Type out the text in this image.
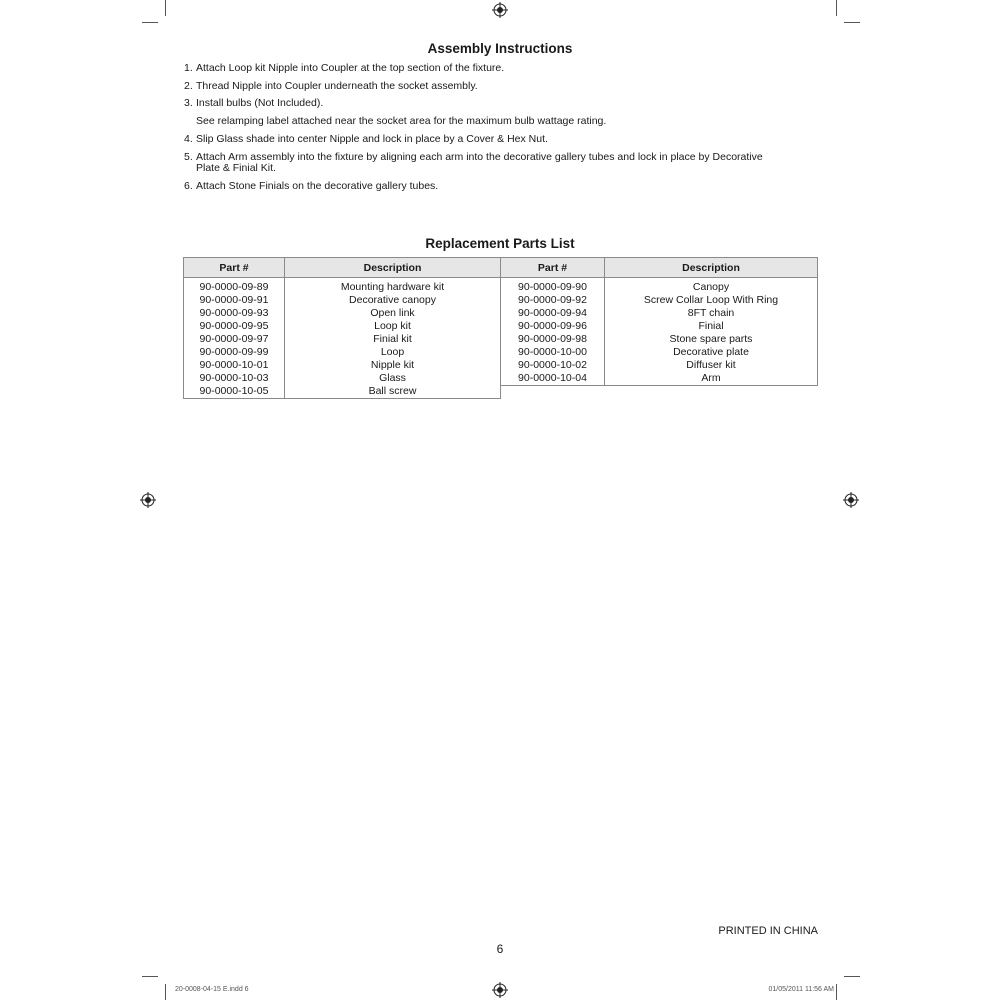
Assembly Instructions
1. Attach Loop kit Nipple into Coupler at the top section of the fixture.
2. Thread Nipple into Coupler underneath the socket assembly.
3. Install bulbs (Not Included).
See relamping label attached near the socket area for the maximum bulb wattage rating.
4. Slip Glass shade into center Nipple and lock in place by a Cover & Hex Nut.
5. Attach Arm assembly into the fixture by aligning each arm into the decorative gallery tubes and lock in place by Decorative
Plate & Finial Kit.
6. Attach Stone Finials on the decorative gallery tubes.
Replacement Parts List
Part #	Description
90-0000-09-89	Mounting hardware kit
90-0000-09-91	Decorative canopy
90-0000-09-93	Open link
90-0000-09-95	Loop kit
90-0000-09-97	Finial kit
90-0000-09-99	Loop
90-0000-10-01	Nipple kit
90-0000-10-03	Glass
90-0000-10-05	Ball screw
Part #	Description
90-0000-09-90	Canopy
90-0000-09-92	Screw Collar Loop With Ring
90-0000-09-94	8FT chain
90-0000-09-96	Finial
90-0000-09-98	Stone spare parts
90-0000-10-00	Decorative plate
90-0000-10-02	Diffuser kit
90-0000-10-04	Arm
PRINTED IN CHINA
6
20-0008-04-15 E.indd 6	01/05/2011 11:56 AM
